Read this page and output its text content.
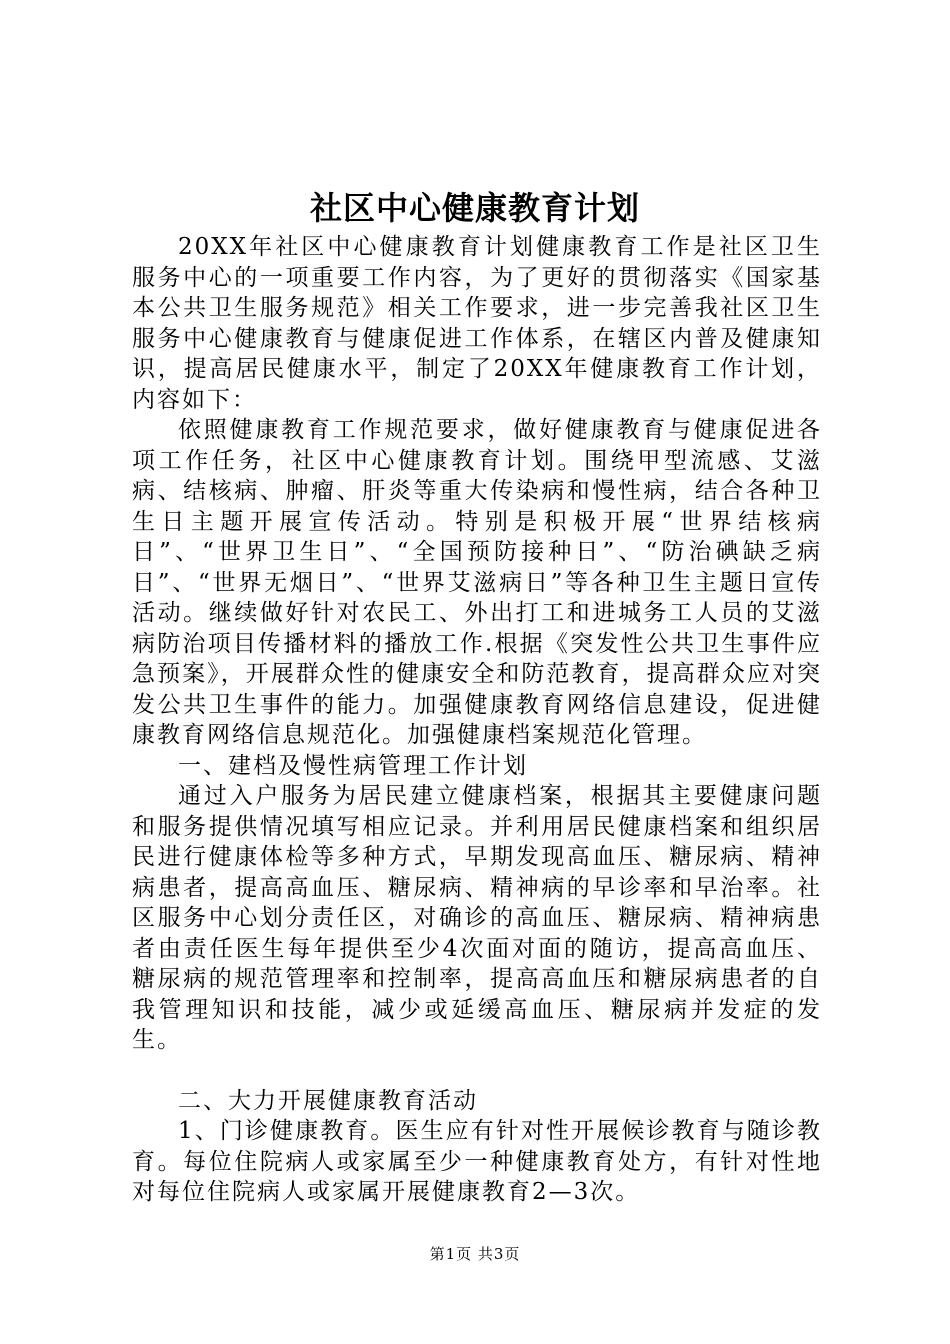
社区中心健康教育计划

20XX年社区中心健康教育计划健康教育工作是社区卫生服务中心的一项重要工作内容，为了更好的贯彻落实《国家基本公共卫生服务规范》相关工作要求，进一步完善我社区卫生服务中心健康教育与健康促进工作体系，在辖区内普及健康知识，提高居民健康水平，制定了20XX年健康教育工作计划，内容如下：

依照健康教育工作规范要求，做好健康教育与健康促进各项工作任务，社区中心健康教育计划。围绕甲型流感、艾滋病、结核病、肿瘤、肝炎等重大传染病和慢性病，结合各种卫生日主题开展宣传活动。特别是积极开展“世界结核病日”、“世界卫生日”、“全国预防接种日”、“防治碘缺乏病日”、“世界无烟日”、“世界艾滋病日”等各种卫生主题日宣传活动。继续做好针对农民工、外出打工和进城务工人员的艾滋病防治项目传播材料的播放工作.根据《突发性公共卫生事件应急预案》，开展群众性的健康安全和防范教育，提高群众应对突发公共卫生事件的能力。加强健康教育网络信息建设，促进健康教育网络信息规范化。加强健康档案规范化管理。

一、建档及慢性病管理工作计划

通过入户服务为居民建立健康档案，根据其主要健康问题和服务提供情况填写相应记录。并利用居民健康档案和组织居民进行健康体检等多种方式，早期发现高血压、糖尿病、精神病患者，提高高血压、糖尿病、精神病的早诊率和早治率。社区服务中心划分责任区，对确诊的高血压、糖尿病、精神病患者由责任医生每年提供至少4次面对面的随访，提高高血压、糖尿病的规范管理率和控制率，提高高血压和糖尿病患者的自我管理知识和技能，减少或延缓高血压、糖尿病并发症的发生。

二、大力开展健康教育活动

1、门诊健康教育。医生应有针对性开展候诊教育与随诊教育。每位住院病人或家属至少一种健康教育处方，有针对性地对每位住院病人或家属开展健康教育2—3次。

第1页 共3页
